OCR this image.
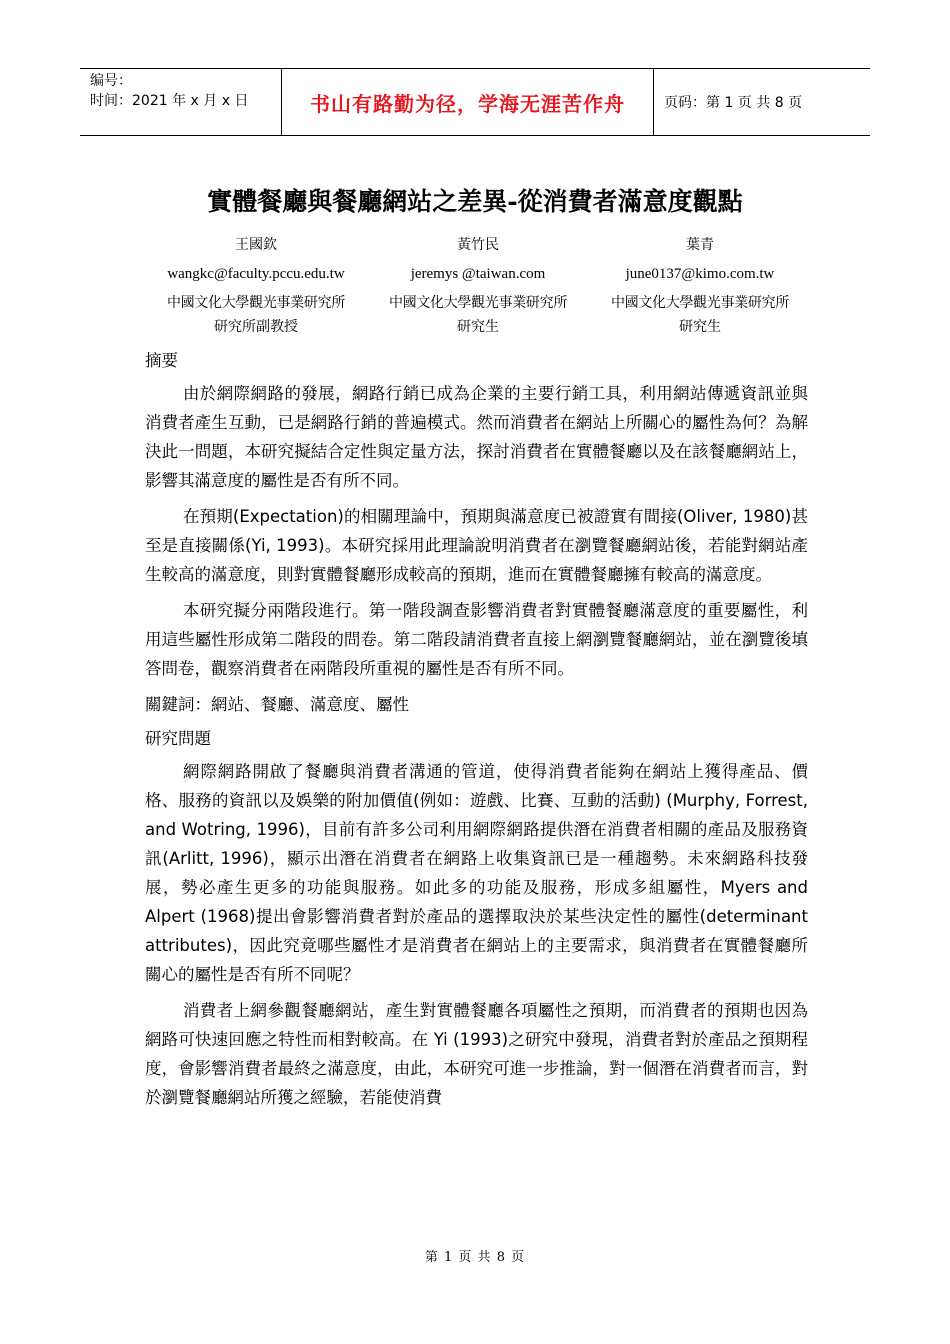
编号：
时间：2021 年 x 月 x 日	书山有路勤为径，学海无涯苦作舟	页码：第 1 页 共 8 页
實體餐廳與餐廳網站之差異-從消費者滿意度觀點
王國欽
wangkc@faculty.pccu.edu.tw
中國文化大學觀光事業研究所
研究所副教授
黃竹民
jeremys @taiwan.com
中國文化大學觀光事業研究所
研究生
葉青
june0137@kimo.com.tw
中國文化大學觀光事業研究所
研究生

摘要

由於網際網路的發展，網路行銷已成為企業的主要行銷工具，利用網站傳遞資訊並與消費者產生互動，已是網路行銷的普遍模式。然而消費者在網站上所關心的屬性為何？為解決此一問題，本研究擬結合定性與定量方法，探討消費者在實體餐廳以及在該餐廳網站上，影響其滿意度的屬性是否有所不同。

在預期(Expectation)的相關理論中，預期與滿意度已被證實有間接(Oliver, 1980)甚至是直接關係(Yi, 1993)。本研究採用此理論說明消費者在瀏覽餐廳網站後，若能對網站產生較高的滿意度，則對實體餐廳形成較高的預期，進而在實體餐廳擁有較高的滿意度。

本研究擬分兩階段進行。第一階段調查影響消費者對實體餐廳滿意度的重要屬性，利用這些屬性形成第二階段的問卷。第二階段請消費者直接上網瀏覽餐廳網站，並在瀏覽後填答問卷，觀察消費者在兩階段所重視的屬性是否有所不同。

關鍵詞：網站、餐廳、滿意度、屬性

研究問題

網際網路開啟了餐廳與消費者溝通的管道，使得消費者能夠在網站上獲得產品、價格、服務的資訊以及娛樂的附加價值(例如：遊戲、比賽、互動的活動) (Murphy, Forrest, and Wotring, 1996)，目前有許多公司利用網際網路提供潛在消費者相關的產品及服務資訊(Arlitt, 1996)，顯示出潛在消費者在網路上收集資訊已是一種趨勢。未來網路科技發展，勢必產生更多的功能與服務。如此多的功能及服務，形成多組屬性，Myers and Alpert (1968)提出會影響消費者對於產品的選擇取決於某些決定性的屬性(determinant attributes)，因此究竟哪些屬性才是消費者在網站上的主要需求，與消費者在實體餐廳所關心的屬性是否有所不同呢？

消費者上網參觀餐廳網站，產生對實體餐廳各項屬性之預期，而消費者的預期也因為網路可快速回應之特性而相對較高。在 Yi (1993)之研究中發現，消費者對於產品之預期程度，會影響消費者最終之滿意度，由此，本研究可進一步推論，對一個潛在消費者而言，對於瀏覽餐廳網站所獲之經驗，若能使消費

第 1 页 共 8 页
